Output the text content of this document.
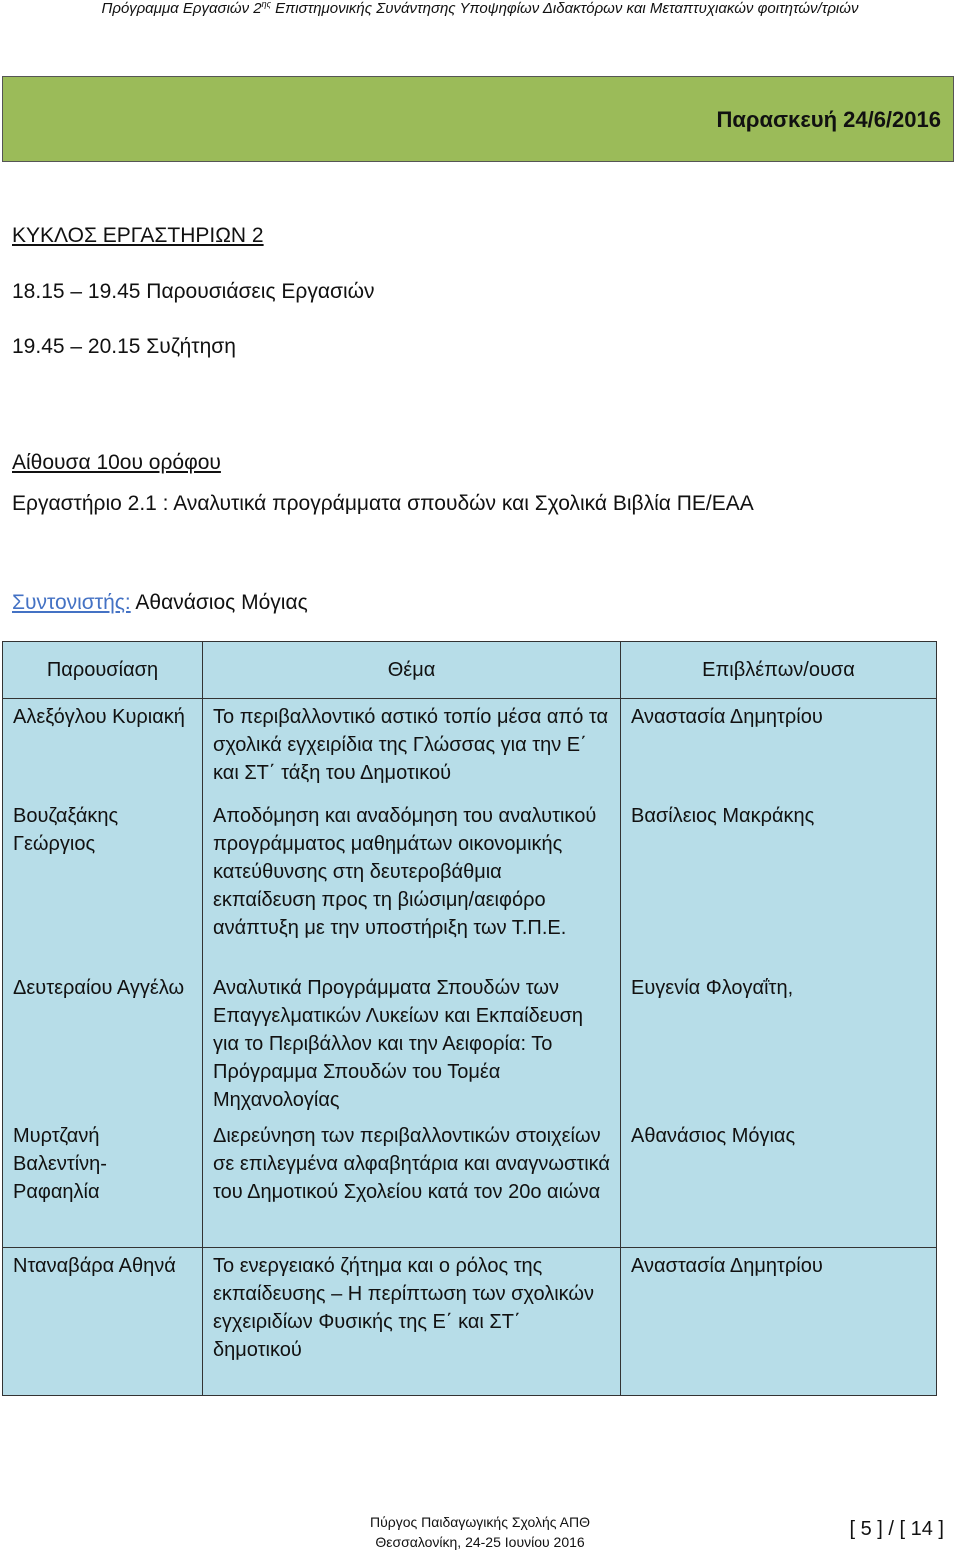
Πρόγραμμα Εργασιών $2^{\eta\varsigma}$ Επιστημονικής Συνάντησης Υποψηφίων Διδακτόρων και Μεταπτυχιακών φοιτητών/τριών
Παρασκευή 24/6/2016
ΚΥΚΛΟΣ ΕΡΓΑΣΤΗΡΙΩΝ 2
18.15 – 19.45 Παρουσιάσεις Εργασιών
19.45 – 20.15 Συζήτηση
Αίθουσα 10ου ορόφου
Εργαστήριο 2.1 : Αναλυτικά προγράμματα σπουδών και Σχολικά Βιβλία ΠΕ/ΕΑΑ
Συντονιστής: Αθανάσιος Μόγιας
Παρουσίαση	Θέμα	Επιβλέπων/ουσα
Αλεξόγλου Κυριακή	Το περιβαλλοντικό αστικό τοπίο μέσα από τα σχολικά εγχειρίδια της Γλώσσας για την Ε΄ και ΣΤ΄ τάξη του Δημοτικού	Αναστασία Δημητρίου
Βουζαξάκης Γεώργιος	Αποδόμηση και αναδόμηση του αναλυτικού προγράμματος μαθημάτων οικονομικής κατεύθυνσης στη δευτεροβάθμια εκπαίδευση προς τη βιώσιμη/αειφόρο ανάπτυξη με την υποστήριξη των Τ.Π.Ε.	Βασίλειος Μακράκης
Δευτεραίου Αγγέλω	Αναλυτικά Προγράμματα Σπουδών των Επαγγελματικών Λυκείων και Εκπαίδευση για το Περιβάλλον και την Αειφορία: Το Πρόγραμμα Σπουδών του Τομέα Μηχανολογίας	Ευγενία Φλογαΐτη,
Μυρτζανή Βαλεντίνη-Ραφαηλία	Διερεύνηση των περιβαλλοντικών στοιχείων σε επιλεγμένα αλφαβητάρια και αναγνωστικά του Δημοτικού Σχολείου κατά τον 20ο αιώνα	Αθανάσιος Μόγιας
Νταναβάρα Αθηνά	Το ενεργειακό ζήτημα και ο ρόλος της εκπαίδευσης – Η περίπτωση των σχολικών εγχειριδίων Φυσικής της Ε΄ και ΣΤ΄ δημοτικού	Αναστασία Δημητρίου
Πύργος Παιδαγωγικής Σχολής ΑΠΘ
Θεσσαλονίκη, 24-25 Ιουνίου 2016
[ 5 ] / [ 14 ]
